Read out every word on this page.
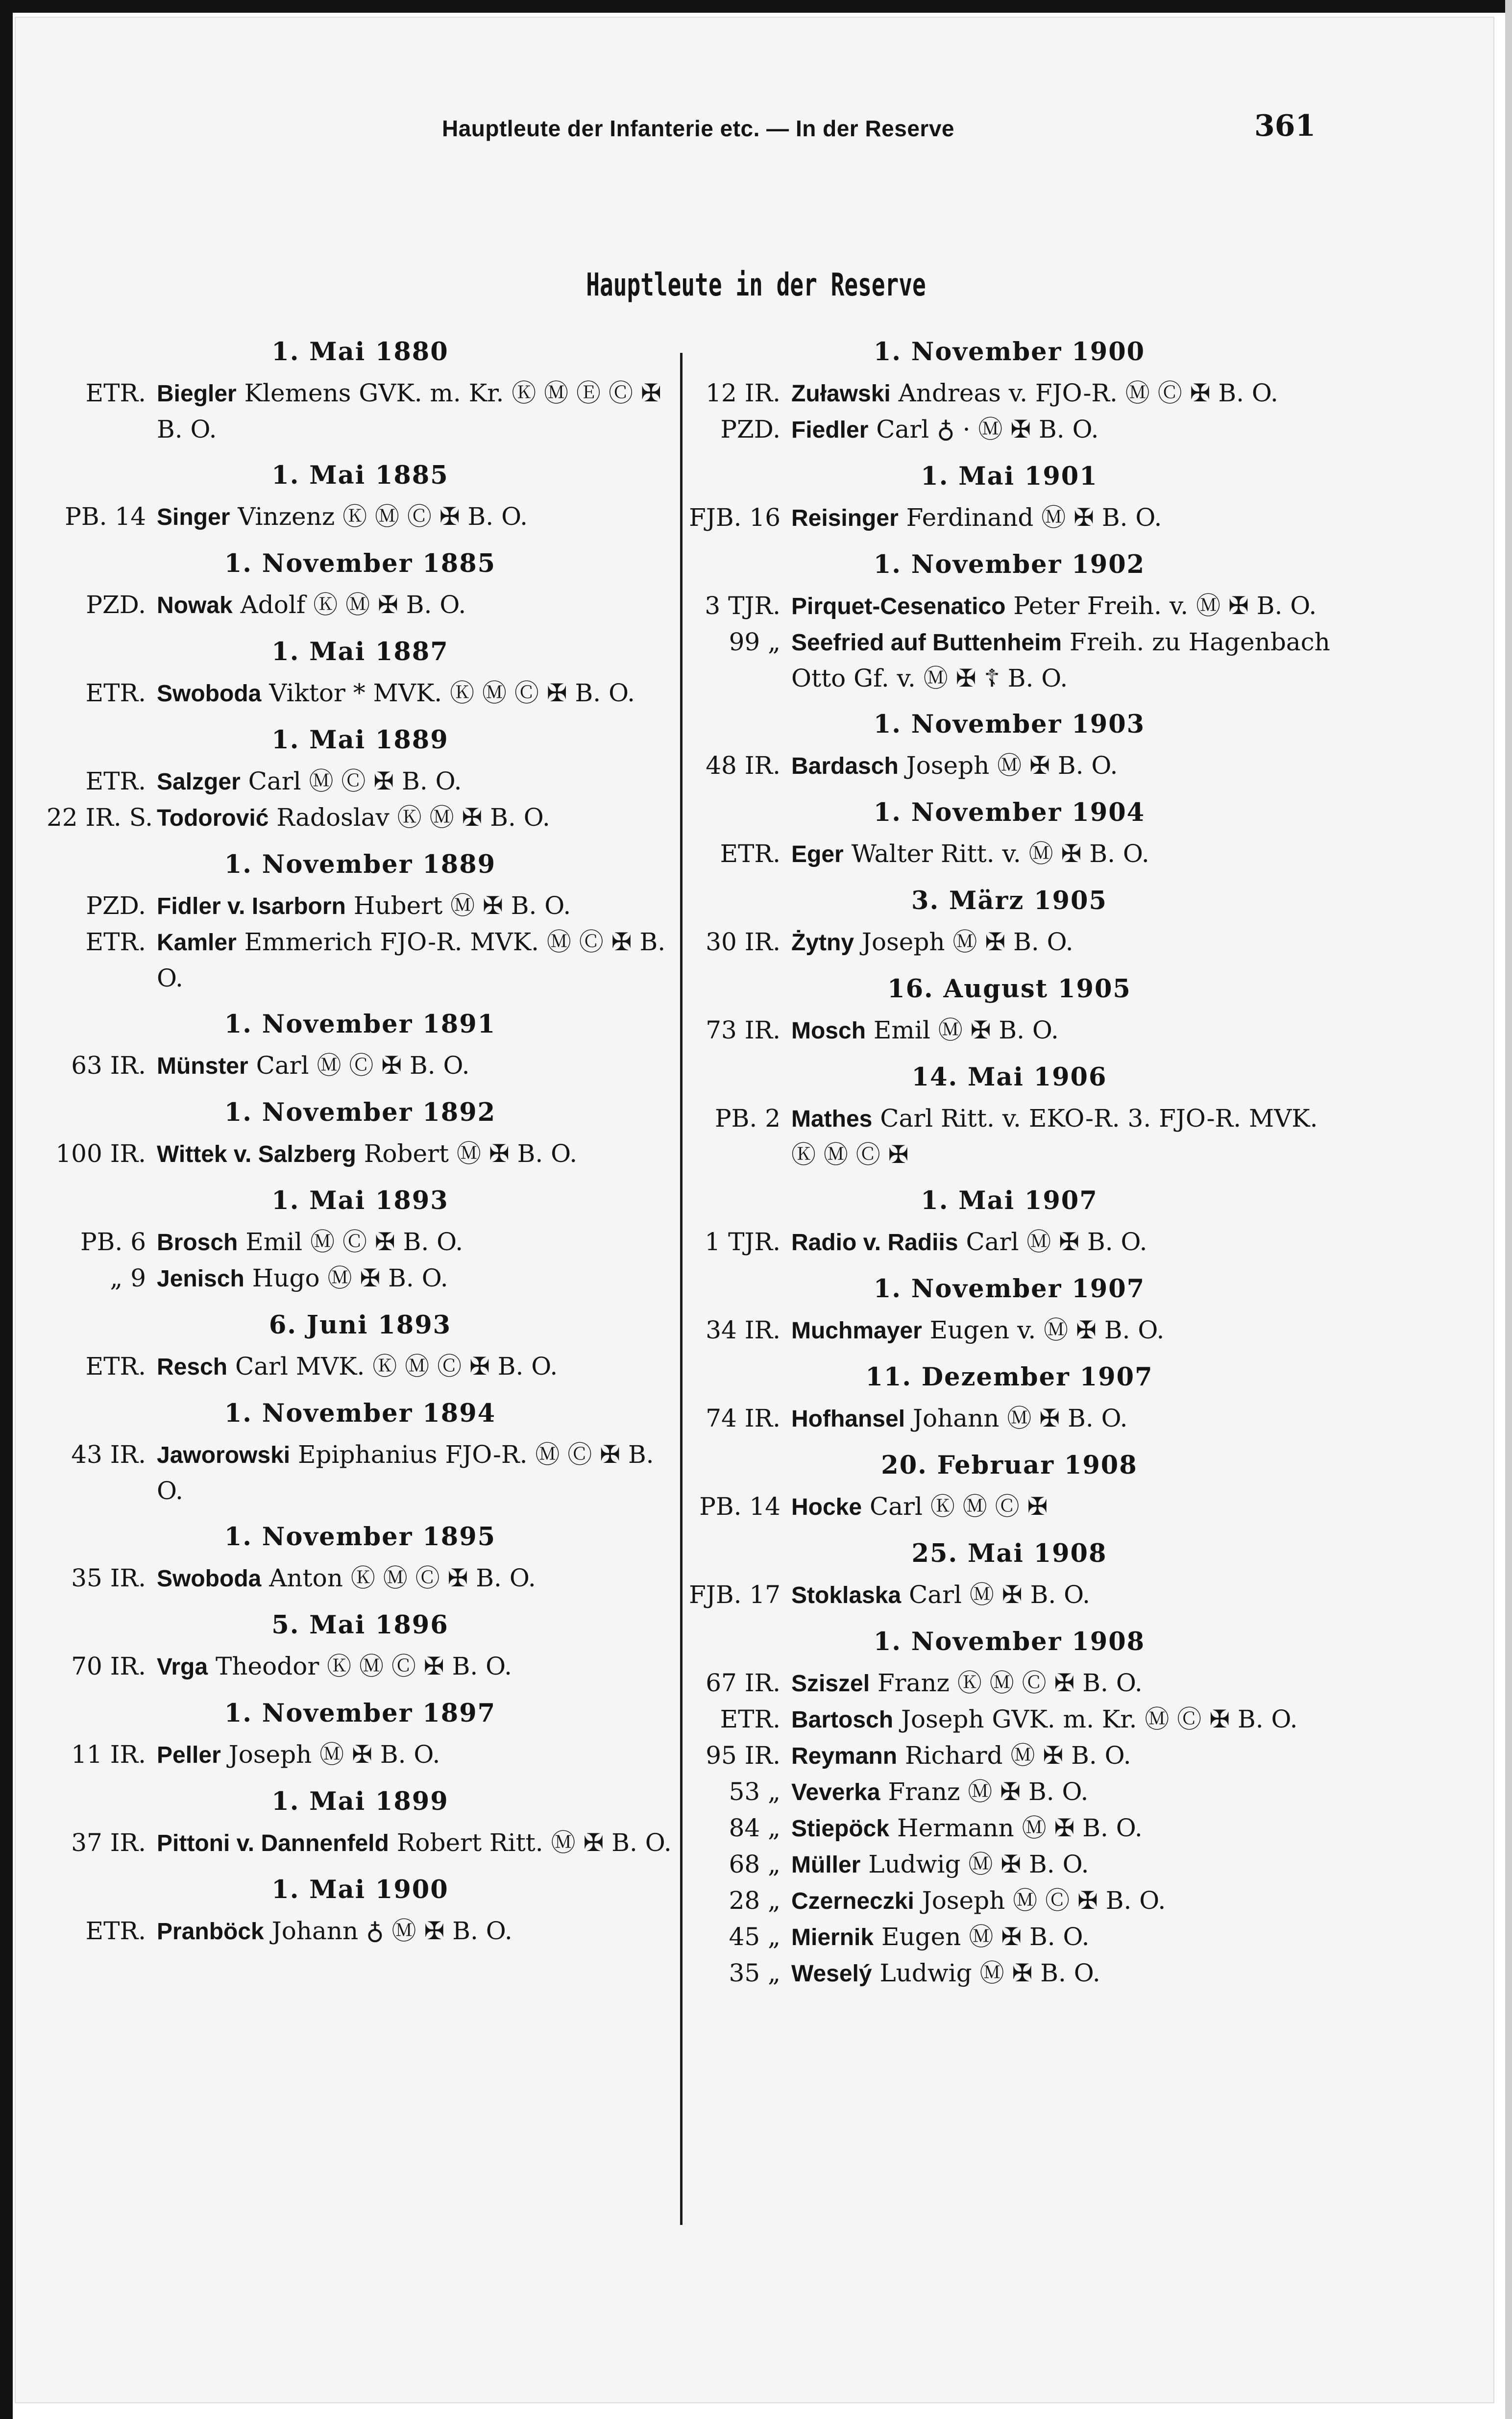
Hauptleute der Infanterie etc. — In der Reserve	361
Hauptleute in der Reserve
1. Mai 1880
ETR. Biegler Klemens GVK. m. Kr. Ⓚ Ⓜ Ⓔ Ⓒ ✠ B. O.
1. Mai 1885
PB. 14 Singer Vinzenz Ⓚ Ⓜ Ⓒ ✠ B. O.
1. November 1885
PZD. Nowak Adolf Ⓚ Ⓜ ✠ B. O.
1. Mai 1887
ETR. Swoboda Viktor * MVK. Ⓚ Ⓜ Ⓒ ✠ B. O.
1. Mai 1889
ETR. Salzger Carl Ⓜ Ⓒ ✠ B. O.
22 IR. S. Todorović Radoslav Ⓚ Ⓜ ✠ B. O.
1. November 1889
PZD. Fidler v. Isarborn Hubert Ⓜ ✠ B. O.
ETR. Kamler Emmerich FJO-R. MVK. Ⓜ Ⓒ ✠ B. O.
1. November 1891
63 IR. Münster Carl Ⓜ Ⓒ ✠ B. O.
1. November 1892
100 IR. Wittek v. Salzberg Robert Ⓜ ✠ B. O.
1. Mai 1893
PB. 6 Brosch Emil Ⓜ Ⓒ ✠ B. O.
„ 9 Jenisch Hugo Ⓜ ✠ B. O.
6. Juni 1893
ETR. Resch Carl MVK. Ⓚ Ⓜ Ⓒ ✠ B. O.
1. November 1894
43 IR. Jaworowski Epiphanius FJO-R. Ⓜ Ⓒ ✠ B. O.
1. November 1895
35 IR. Swoboda Anton Ⓚ Ⓜ Ⓒ ✠ B. O.
5. Mai 1896
70 IR. Vrga Theodor Ⓚ Ⓜ Ⓒ ✠ B. O.
1. November 1897
11 IR. Peller Joseph Ⓜ ✠ B. O.
1. Mai 1899
37 IR. Pittoni v. Dannenfeld Robert Ritt. Ⓜ ✠ B. O.
1. Mai 1900
ETR. Pranböck Johann ♁ Ⓜ ✠ B. O.
1. November 1900
12 IR. Zuławski Andreas v. FJO-R. Ⓜ Ⓒ ✠ B. O.
PZD. Fiedler Carl ♁ · Ⓜ ✠ B. O.
1. Mai 1901
FJB. 16 Reisinger Ferdinand Ⓜ ✠ B. O.
1. November 1902
3 TJR. Pirquet-Cesenatico Peter Freih. v. Ⓜ ✠ B. O.
99 „ Seefried auf Buttenheim Freih. zu Hagenbach Otto Gf. v. Ⓜ ✠ ☦ B. O.
1. November 1903
48 IR. Bardasch Joseph Ⓜ ✠ B. O.
1. November 1904
ETR. Eger Walter Ritt. v. Ⓜ ✠ B. O.
3. März 1905
30 IR. Żytny Joseph Ⓜ ✠ B. O.
16. August 1905
73 IR. Mosch Emil Ⓜ ✠ B. O.
14. Mai 1906
PB. 2 Mathes Carl Ritt. v. EKO-R. 3. FJO-R. MVK. Ⓚ Ⓜ Ⓒ ✠
1. Mai 1907
1 TJR. Radio v. Radiis Carl Ⓜ ✠ B. O.
1. November 1907
34 IR. Muchmayer Eugen v. Ⓜ ✠ B. O.
11. Dezember 1907
74 IR. Hofhansel Johann Ⓜ ✠ B. O.
20. Februar 1908
PB. 14 Hocke Carl Ⓚ Ⓜ Ⓒ ✠
25. Mai 1908
FJB. 17 Stoklaska Carl Ⓜ ✠ B. O.
1. November 1908
67 IR. Sziszel Franz Ⓚ Ⓜ Ⓒ ✠ B. O.
ETR. Bartosch Joseph GVK. m. Kr. Ⓜ Ⓒ ✠ B. O.
95 IR. Reymann Richard Ⓜ ✠ B. O.
53 „ Veverka Franz Ⓜ ✠ B. O.
84 „ Stiepöck Hermann Ⓜ ✠ B. O.
68 „ Müller Ludwig Ⓜ ✠ B. O.
28 „ Czerneczki Joseph Ⓜ Ⓒ ✠ B. O.
45 „ Miernik Eugen Ⓜ ✠ B. O.
35 „ Weselý Ludwig Ⓜ ✠ B. O.
